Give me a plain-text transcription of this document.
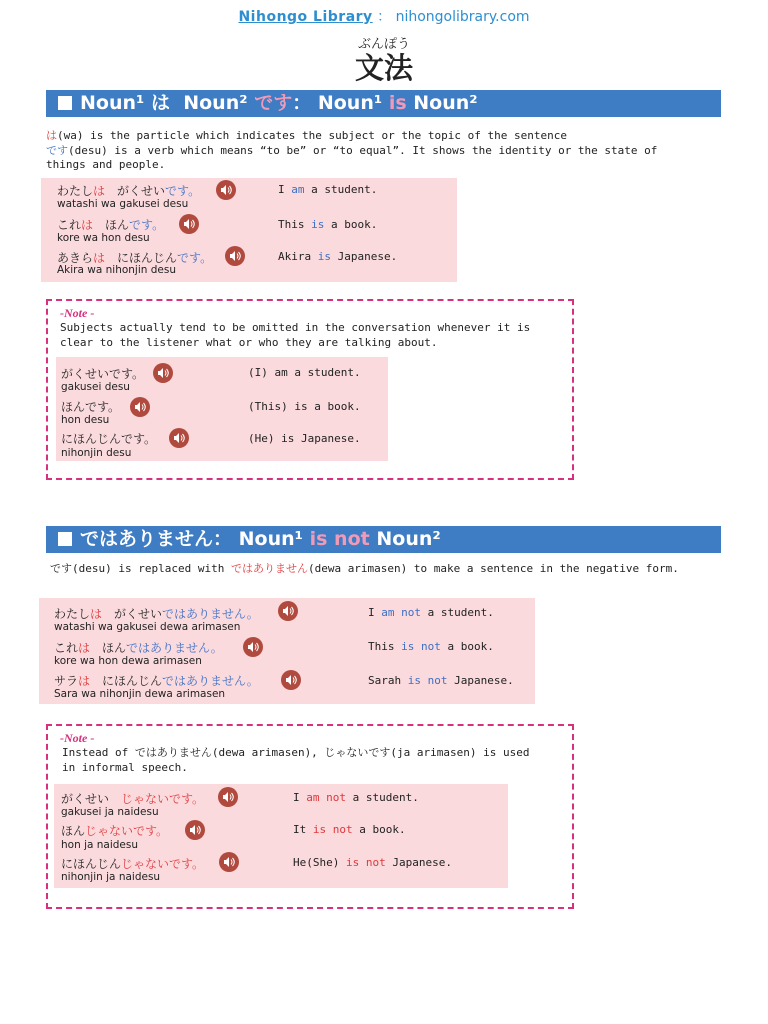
Nihongo Library ： nihongolibrary.com
ぶんぽう
文法
Noun¹ は Noun² です： Noun¹ is Noun²
は(wa) is the particle which indicates the subject or the topic of the sentence
です(desu) is a verb which means “to be” or “to equal”. It shows the identity or the state of
things and people.
わたしは　がくせいです。
watashi wa gakusei desu
I am a student.
これは　ほんです。
kore wa hon desu
This is a book.
あきらは　にほんじんです。
Akira wa nihonjin desu
Akira is Japanese.
-Note -
Subjects actually tend to be omitted in the conversation whenever it is
clear to the listener what or who they are talking about.
がくせいです。
gakusei desu
(I) am a student.
ほんです。
hon desu
(This) is a book.
にほんじんです。
nihonjin desu
(He) is Japanese.
ではありません： Noun¹ is not Noun²
です(desu) is replaced with ではありません(dewa arimasen) to make a sentence in the negative form.
わたしは　がくせいではありません。
watashi wa gakusei dewa arimasen
I am not a student.
これは　ほんではありません。
kore wa hon dewa arimasen
This is not a book.
サラは　にほんじんではありません。
Sara wa nihonjin dewa arimasen
Sarah is not Japanese.
-Note -
Instead of ではありません(dewa arimasen), じゃないです(ja arimasen) is used
in informal speech.
がくせい　じゃないです。
gakusei ja naidesu
I am not a student.
ほんじゃないです。
hon ja naidesu
It is not a book.
にほんじんじゃないです。
nihonjin ja naidesu
He(She) is not Japanese.
